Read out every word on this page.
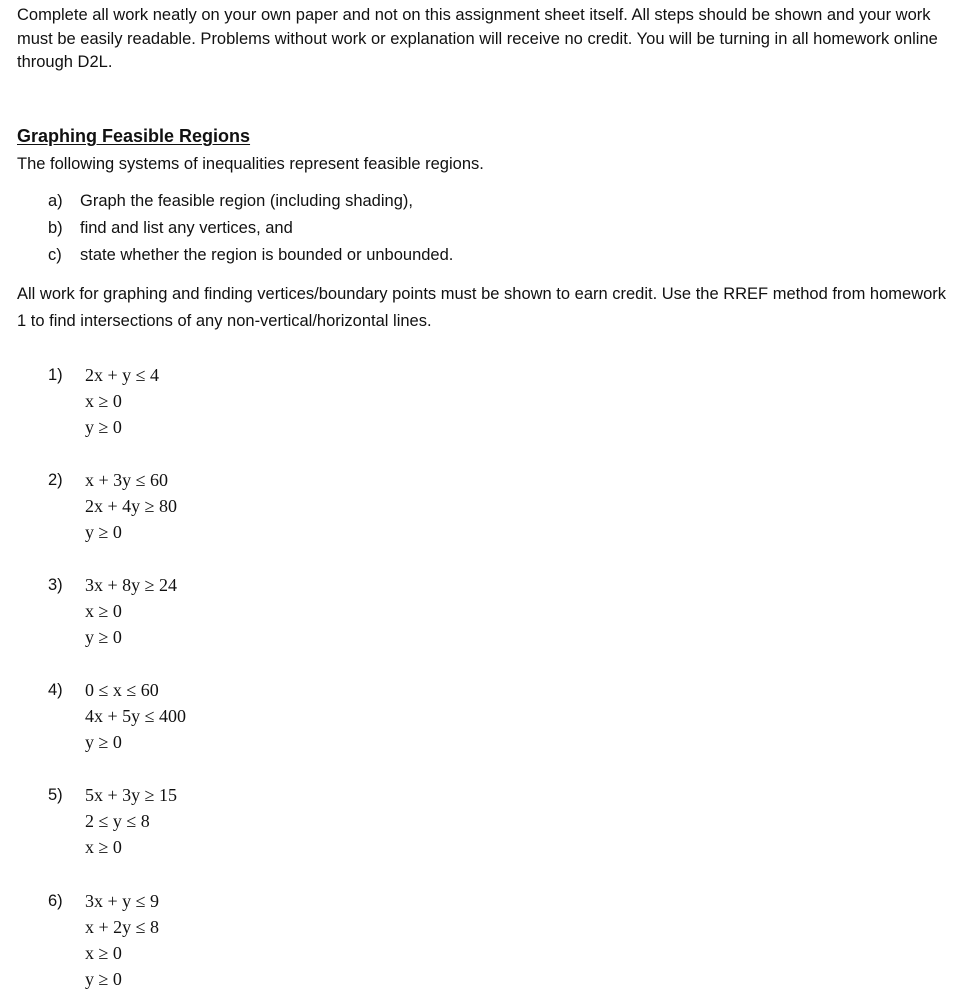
Complete all work neatly on your own paper and not on this assignment sheet itself. All steps should be shown and your work must be easily readable. Problems without work or explanation will receive no credit. You will be turning in all homework online through D2L.

Graphing Feasible Regions

The following systems of inequalities represent feasible regions.

a)	Graph the feasible region (including shading),
b)	find and list any vertices, and
c)	state whether the region is bounded or unbounded.

All work for graphing and finding vertices/boundary points must be shown to earn credit. Use the RREF method from homework 1 to find intersections of any non-vertical/horizontal lines.

1) 2x + y ≤ 4
x ≥ 0
y ≥ 0
2) x + 3y ≤ 60
2x + 4y ≥ 80
y ≥ 0
3) 3x + 8y ≥ 24
x ≥ 0
y ≥ 0
4) 0 ≤ x ≤ 60
4x + 5y ≤ 400
y ≥ 0
5) 5x + 3y ≥ 15
2 ≤ y ≤ 8
x ≥ 0
6) 3x + y ≤ 9
x + 2y ≤ 8
x ≥ 0
y ≥ 0
